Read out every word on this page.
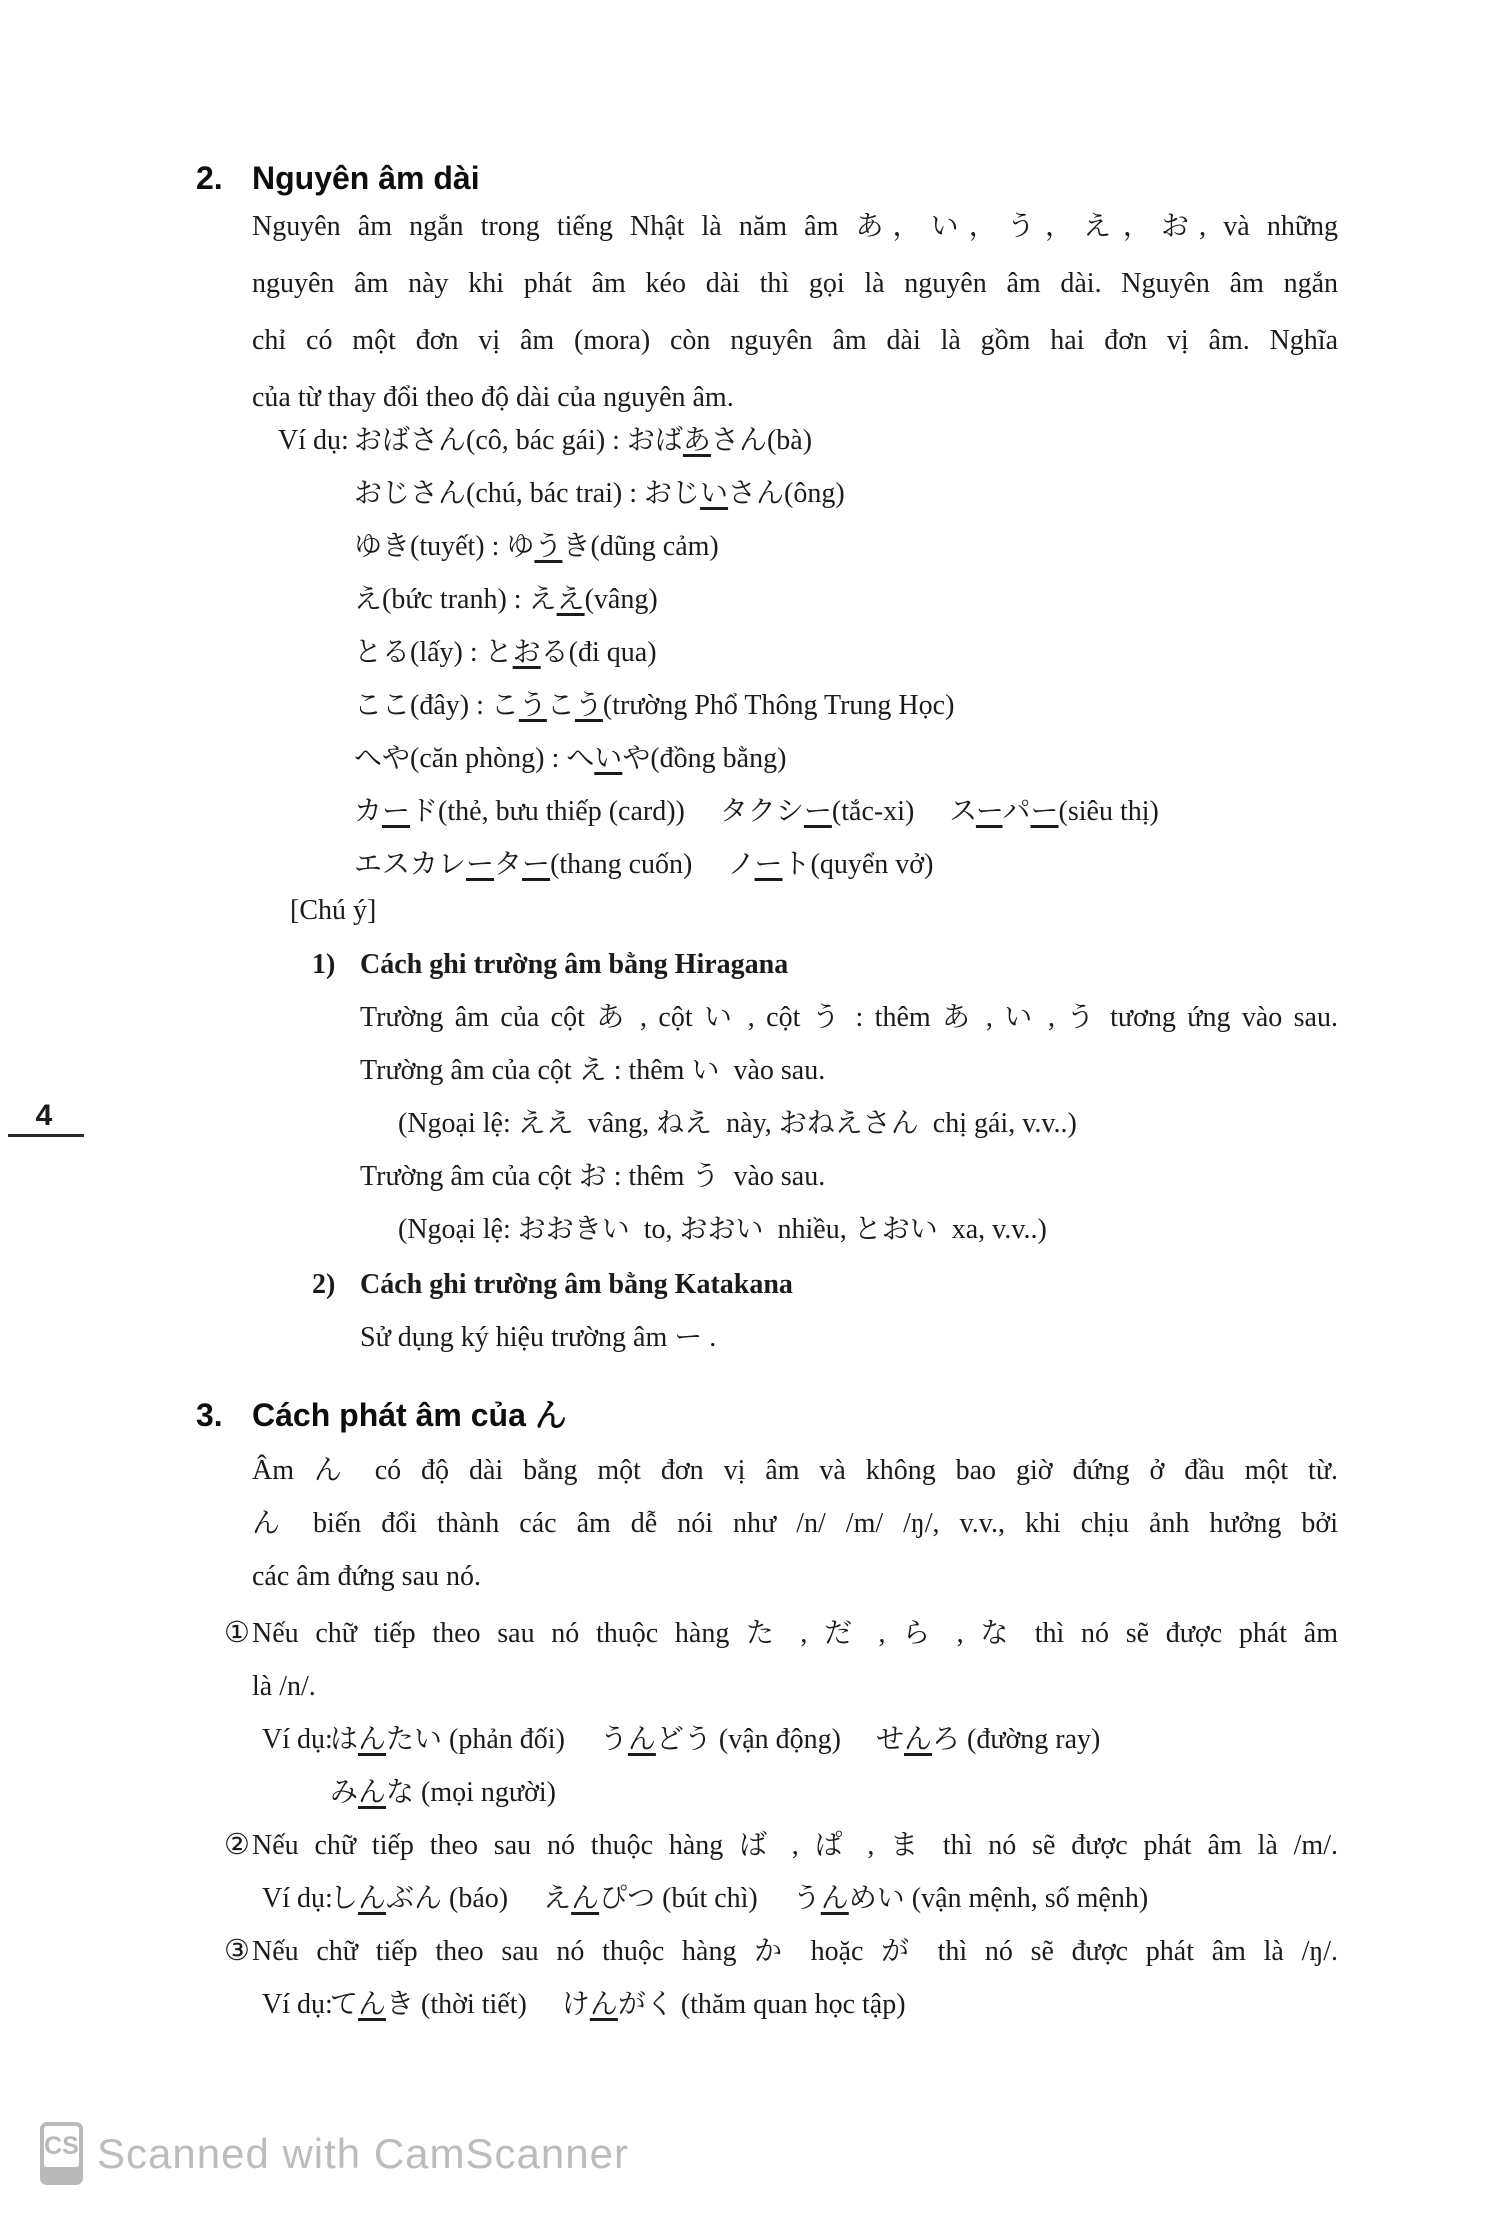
2. Nguyên âm dài
Nguyên âm ngắn trong tiếng Nhật là năm âm あ，い，う，え，お, và những
nguyên âm này khi phát âm kéo dài thì gọi là nguyên âm dài. Nguyên âm ngắn
chỉ có một đơn vị âm (mora) còn nguyên âm dài là gồm hai đơn vị âm. Nghĩa
của từ thay đổi theo độ dài của nguyên âm.
Ví dụ: おばさん(cô, bác gái) : おばあさん(bà)
おじさん(chú, bác trai) : おじいさん(ông)
ゆき(tuyết) : ゆうき(dũng cảm)
え(bức tranh) : ええ(vâng)
とる(lấy) : とおる(đi qua)
ここ(đây) : こうこう(trường Phổ Thông Trung Học)
へや(căn phòng) : へいや(đồng bằng)
カード(thẻ, bưu thiếp (card))　 タクシー(tắc-xi)　 スーパー(siêu thị)
エスカレーター(thang cuốn)　 ノート(quyển vở)
[Chú ý]
1) Cách ghi trường âm bằng Hiragana
Trường âm của cột あ , cột い , cột う : thêm あ , い , う tương ứng vào sau.
Trường âm của cột え : thêm い  vào sau.
(Ngoại lệ: ええ  vâng, ねえ  này, おねえさん  chị gái, v.v..)
Trường âm của cột お : thêm う  vào sau.
(Ngoại lệ: おおきい  to, おおい  nhiều, とおい  xa, v.v..)
2) Cách ghi trường âm bằng Katakana
Sử dụng ký hiệu trường âm ー .
3. Cách phát âm của ん
Âm ん có độ dài bằng một đơn vị âm và không bao giờ đứng ở đầu một từ.
ん biến đổi thành các âm dễ nói như /n/ /m/ /ŋ/, v.v., khi chịu ảnh hưởng bởi
các âm đứng sau nó.
① Nếu chữ tiếp theo sau nó thuộc hàng た , だ , ら , な thì nó sẽ được phát âm
là /n/.
Ví dụ:
はんたい (phản đối)　 うんどう (vận động)　 せんろ (đường ray)
みんな (mọi người)
② Nếu chữ tiếp theo sau nó thuộc hàng ば , ぱ , ま thì nó sẽ được phát âm là /m/.
Ví dụ:
しんぶん (báo)　 えんぴつ (bút chì)　 うんめい (vận mệnh, số mệnh)
③ Nếu chữ tiếp theo sau nó thuộc hàng か hoặc が thì nó sẽ được phát âm là /ŋ/.
Ví dụ:
てんき (thời tiết)　 けんがく (thăm quan học tập)
4
CS Scanned with CamScanner
